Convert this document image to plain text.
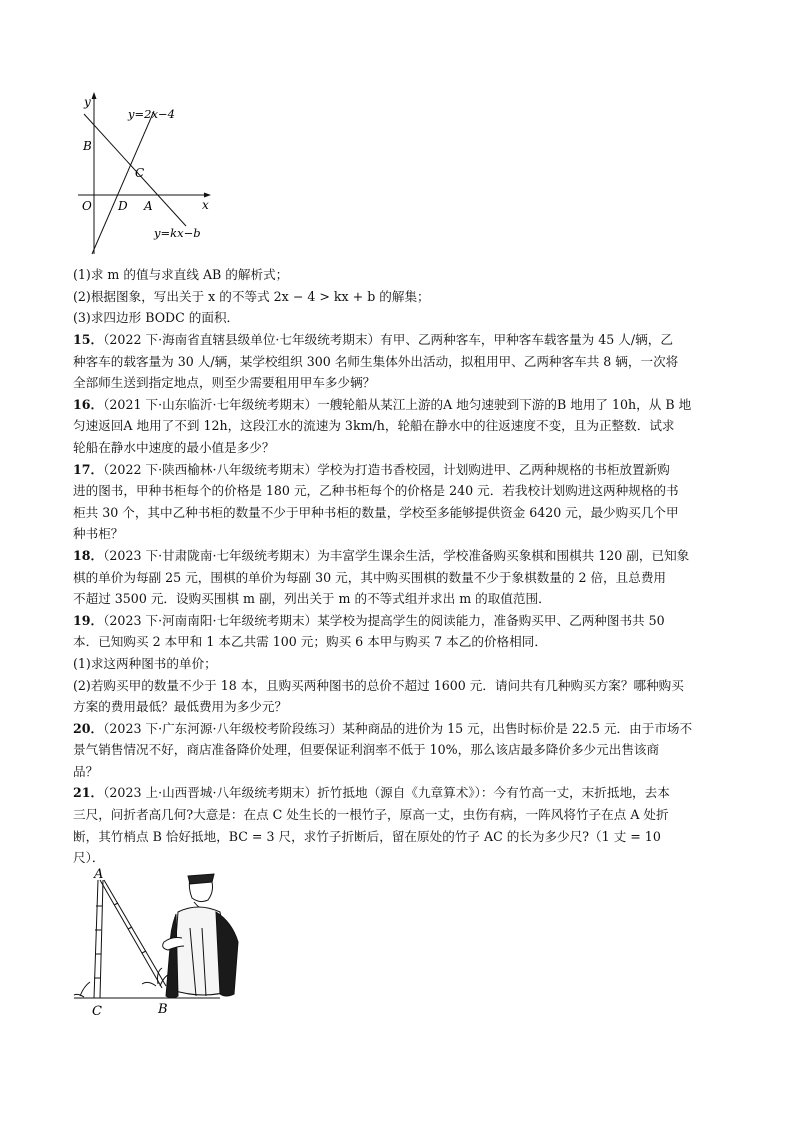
y
x
O
y=2x−4
y=kx−b
B
C
D A
(1)求 m 的值与求直线 AB 的解析式；
(2)根据图象，写出关于 x 的不等式 2x − 4 > kx + b 的解集；
(3)求四边形 BODC 的面积．
15．（2022 下·海南省直辖县级单位·七年级统考期末）有甲、乙两种客车，甲种客车载客量为 45 人/辆，乙
种客车的载客量为 30 人/辆，某学校组织 300 名师生集体外出活动，拟租用甲、乙两种客车共 8 辆，一次将
全部师生送到指定地点，则至少需要租用甲车多少辆？
16．（2021 下·山东临沂·七年级统考期末）一艘轮船从某江上游的A 地匀速驶到下游的B 地用了 10h，从 B 地
匀速返回A 地用了不到 12h，这段江水的流速为 3km/h，轮船在静水中的往返速度不变，且为正整数．试求
轮船在静水中速度的最小值是多少？
17．（2022 下·陕西榆林·八年级统考期末）学校为打造书香校园，计划购进甲、乙两种规格的书柜放置新购
进的图书，甲种书柜每个的价格是 180 元，乙种书柜每个的价格是 240 元．若我校计划购进这两种规格的书
柜共 30 个，其中乙种书柜的数量不少于甲种书柜的数量，学校至多能够提供资金 6420 元，最少购买几个甲
种书柜？
18．（2023 下·甘肃陇南·七年级统考期末）为丰富学生课余生活，学校准备购买象棋和围棋共 120 副，已知象
棋的单价为每副 25 元，围棋的单价为每副 30 元，其中购买围棋的数量不少于象棋数量的 2 倍，且总费用
不超过 3500 元．设购买围棋 m 副，列出关于 m 的不等式组并求出 m 的取值范围．
19．（2023 下·河南南阳·七年级统考期末）某学校为提高学生的阅读能力，准备购买甲、乙两种图书共 50
本．已知购买 2 本甲和 1 本乙共需 100 元；购买 6 本甲与购买 7 本乙的价格相同．
(1)求这两种图书的单价；
(2)若购买甲的数量不少于 18 本，且购买两种图书的总价不超过 1600 元．请问共有几种购买方案？哪种购买
方案的费用最低？最低费用为多少元？
20．（2023 下·广东河源·八年级校考阶段练习）某种商品的进价为 15 元，出售时标价是 22.5 元．由于市场不
景气销售情况不好，商店准备降价处理，但要保证利润率不低于 10%，那么该店最多降价多少元出售该商
品？
21．（2023 上·山西晋城·八年级统考期末）折竹抵地（源自《九章算术》）：今有竹高一丈，末折抵地，去本
三尺，问折者高几何?大意是：在点 C 处生长的一根竹子，原高一丈，虫伤有病，一阵风将竹子在点 A 处折
断，其竹梢点 B 恰好抵地，BC = 3 尺，求竹子折断后，留在原处的竹子 AC 的长为多少尺?（1 丈 = 10
尺）．
A
C	B
